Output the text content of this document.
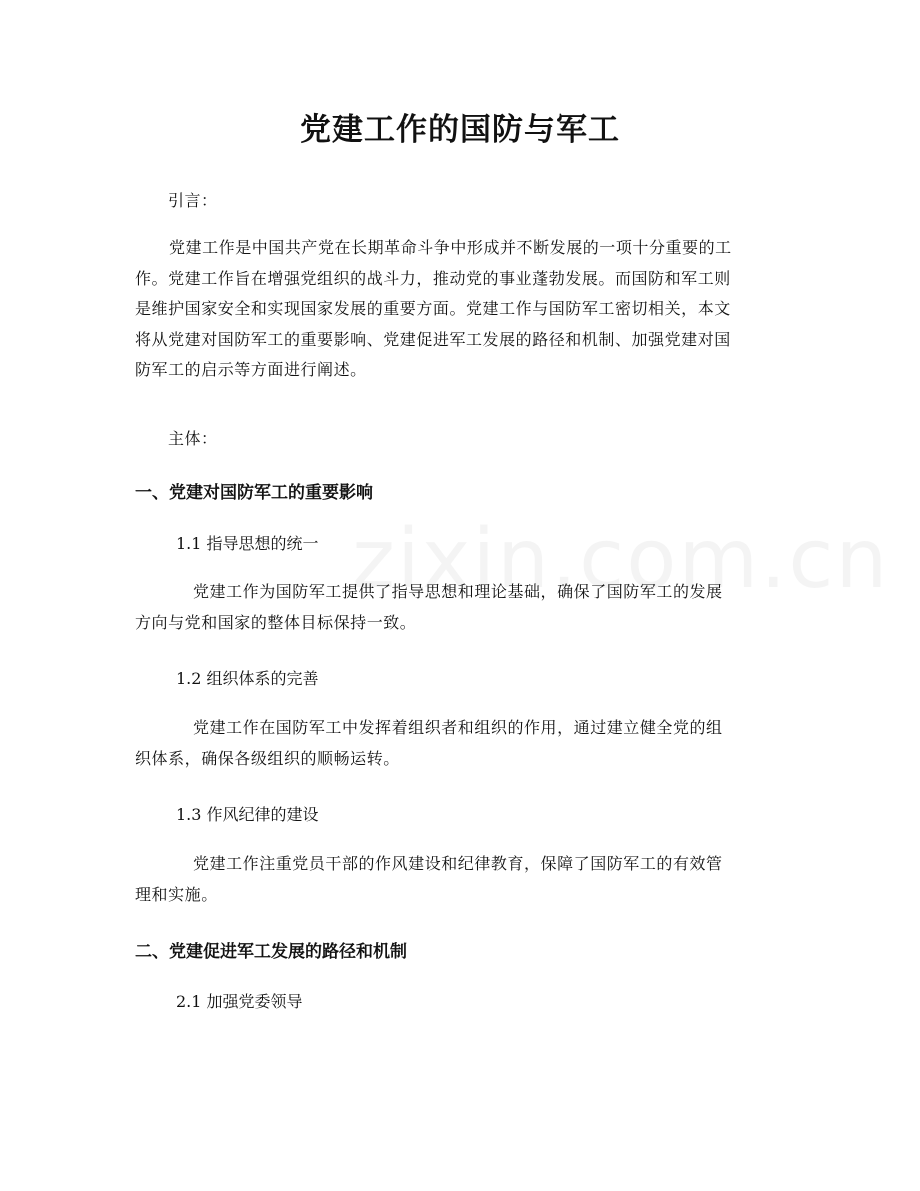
党建工作的国防与军工
引言：
党建工作是中国共产党在长期革命斗争中形成并不断发展的一项十分重要的工
作。党建工作旨在增强党组织的战斗力，推动党的事业蓬勃发展。而国防和军工则
是维护国家安全和实现国家发展的重要方面。党建工作与国防军工密切相关，本文
将从党建对国防军工的重要影响、党建促进军工发展的路径和机制、加强党建对国
防军工的启示等方面进行阐述。
主体：
一、党建对国防军工的重要影响
1.1 指导思想的统一
党建工作为国防军工提供了指导思想和理论基础，确保了国防军工的发展
方向与党和国家的整体目标保持一致。
1.2 组织体系的完善
党建工作在国防军工中发挥着组织者和组织的作用，通过建立健全党的组
织体系，确保各级组织的顺畅运转。
1.3 作风纪律的建设
党建工作注重党员干部的作风建设和纪律教育，保障了国防军工的有效管
理和实施。
二、党建促进军工发展的路径和机制
2.1 加强党委领导
